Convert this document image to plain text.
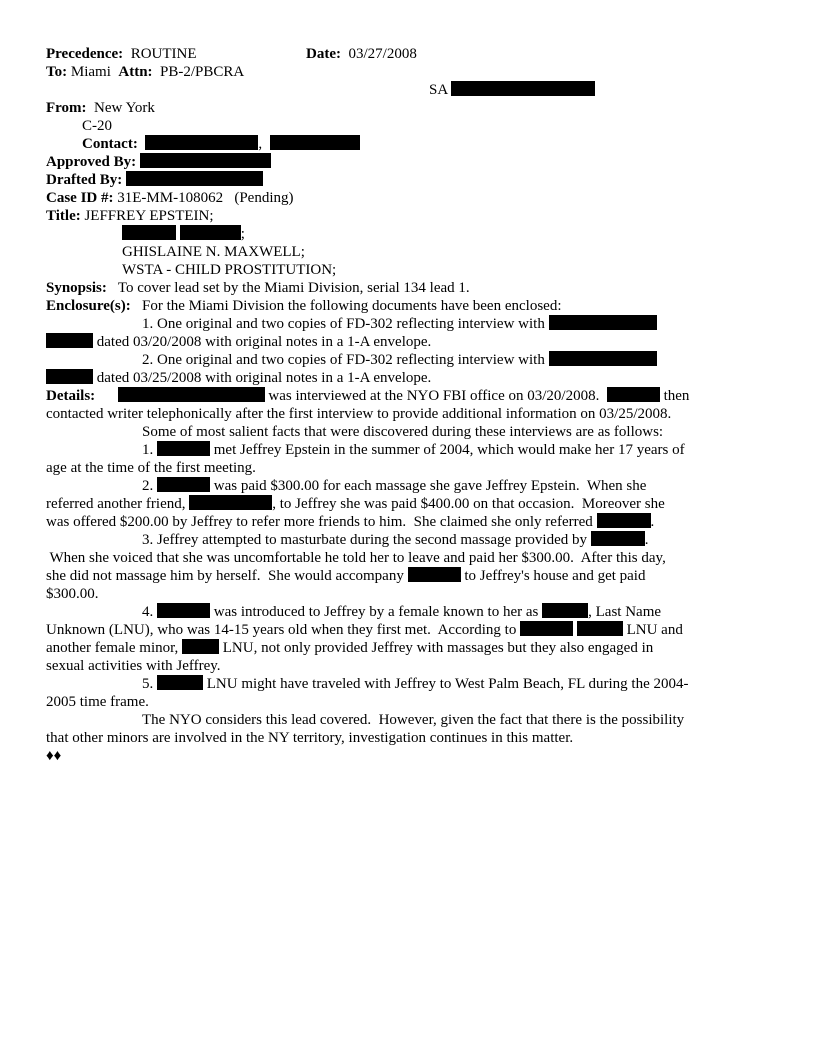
Precedence: ROUTINE	Date: 03/27/2008
To: Miami Attn: PB-2/PBCRA
SA
From: New York
C-20
Contact:	,
Approved By:
Drafted By:
Case ID #: 31E-MM-108062 (Pending)
Title: JEFFREY EPSTEIN;
;
GHISLAINE N. MAXWELL;
WSTA - CHILD PROSTITUTION;
Synopsis: To cover lead set by the Miami Division, serial 134 lead 1.
Enclosure(s): For the Miami Division the following documents have been enclosed:
1. One original and two copies of FD-302 reflecting interview with
dated 03/20/2008 with original notes in a 1-A envelope.
2. One original and two copies of FD-302 reflecting interview with
dated 03/25/2008 with original notes in a 1-A envelope.
Details:	was interviewed at the NYO FBI office on 03/20/2008.	then
contacted writer telephonically after the first interview to provide additional information on 03/25/2008.
Some of most salient facts that were discovered during these interviews are as follows:
1.	met Jeffrey Epstein in the summer of 2004, which would make her 17 years of
age at the time of the first meeting.
2.	was paid $300.00 for each massage she gave Jeffrey Epstein.  When she
referred another friend,	, to Jeffrey she was paid $400.00 on that occasion.  Moreover she
was offered $200.00 by Jeffrey to refer more friends to him.  She claimed she only referred	.
3. Jeffrey attempted to masturbate during the second massage provided by	.
When she voiced that she was uncomfortable he told her to leave and paid her $300.00.  After this day,
she did not massage him by herself.  She would accompany	to Jeffrey's house and get paid
$300.00.
4.	was introduced to Jeffrey by a female known to her as	, Last Name
Unknown (LNU), who was 14-15 years old when they first met.  According to	LNU and
another female minor,	LNU, not only provided Jeffrey with massages but they also engaged in
sexual activities with Jeffrey.
5.	LNU might have traveled with Jeffrey to West Palm Beach, FL during the 2004-
2005 time frame.
The NYO considers this lead covered.  However, given the fact that there is the possibility
that other minors are involved in the NY territory, investigation continues in this matter.
♦♦
